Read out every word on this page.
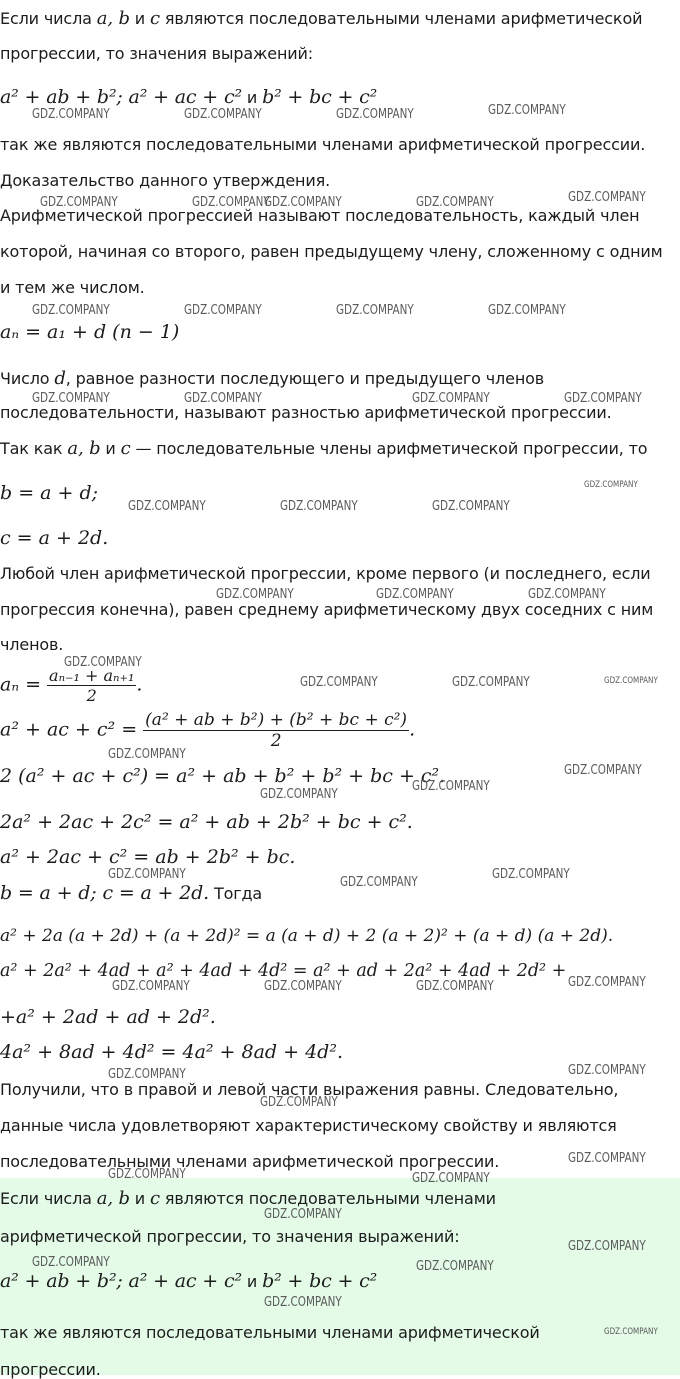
Если числа a, b и c являются последовательными членами арифметической
прогрессии, то значения выражений:
a² + ab + b²; a² + ac + c² и b² + bc + c²
так же являются последовательными членами арифметической прогрессии.
Доказательство данного утверждения.
Арифметической прогрессией называют последовательность, каждый член
которой, начиная со второго, равен предыдущему члену, сложенному с одним
и тем же числом.
aₙ = a₁ + d (n − 1)
Число d, равное разности последующего и предыдущего членов
последовательности, называют разностью арифметической прогрессии.
Так как a, b и c — последовательные члены арифметической прогрессии, то
b = a + d;
c = a + 2d.
Любой член арифметической прогрессии, кроме первого (и последнего, если
прогрессия конечна), равен среднему арифметическому двух соседних с ним
членов.
$a_n = \frac{\text{aₙ₋₁ + aₙ₊₁}}{2}$ .
a² + ac + $c^2 = \frac{\text{(a² + ab + b²) + (b² + bc + c²)}}{2}$ .
2 (a² + ac + c²) = a² + ab + b² + b² + bc + c².
2a² + 2ac + 2c² = a² + ab + 2b² + bc + c².
a² + 2ac + c² = ab + 2b² + bc.
b = a + d; c = a + 2d. Тогда
a² + 2a (a + 2d) + (a + 2d)² = a (a + d) + 2 (a + 2)² + (a + d) (a + 2d).
a² + 2a² + 4ad + a² + 4ad + 4d² = a² + ad + 2a² + 4ad + 2d² +
+a² + 2ad + ad + 2d².
4a² + 8ad + 4d² = 4a² + 8ad + 4d².
Получили, что в правой и левой части выражения равны. Следовательно,
данные числа удовлетворяют характеристическому свойству и являются
последовательными членами арифметической прогрессии.
Если числа a, b и c являются последовательными членами
арифметической прогрессии, то значения выражений:
a² + ab + b²; a² + ac + c² и b² + bc + c²
так же являются последовательными членами арифметической
прогрессии.
GDZ.COMPANY	GDZ.COMPANY	GDZ.COMPANY	GDZ.COMPANY
GDZ.COMPANY	GDZ.COMPANY
GDZ.COMPANY	GDZ.COMPANY	GDZ.COMPANY
GDZ.COMPANY	GDZ.COMPANY	GDZ.COMPANY	GDZ.COMPANY
GDZ.COMPANY	GDZ.COMPANY	GDZ.COMPANY	GDZ.COMPANY
GDZ.COMPANY
GDZ.COMPANY	GDZ.COMPANY	GDZ.COMPANY
GDZ.COMPANY	GDZ.COMPANY	GDZ.COMPANY
GDZ.COMPANY
GDZ.COMPANY	GDZ.COMPANY	GDZ.COMPANY
GDZ.COMPANY
GDZ.COMPANY
GDZ.COMPANY
GDZ.COMPANY
GDZ.COMPANY	GDZ.COMPANY
GDZ.COMPANY
GDZ.COMPANY
GDZ.COMPANY	GDZ.COMPANY	GDZ.COMPANY
GDZ.COMPANY	GDZ.COMPANY
GDZ.COMPANY
GDZ.COMPANY
GDZ.COMPANY	GDZ.COMPANY
GDZ.COMPANY
GDZ.COMPANY
GDZ.COMPANY	GDZ.COMPANY
GDZ.COMPANY
GDZ.COMPANY
